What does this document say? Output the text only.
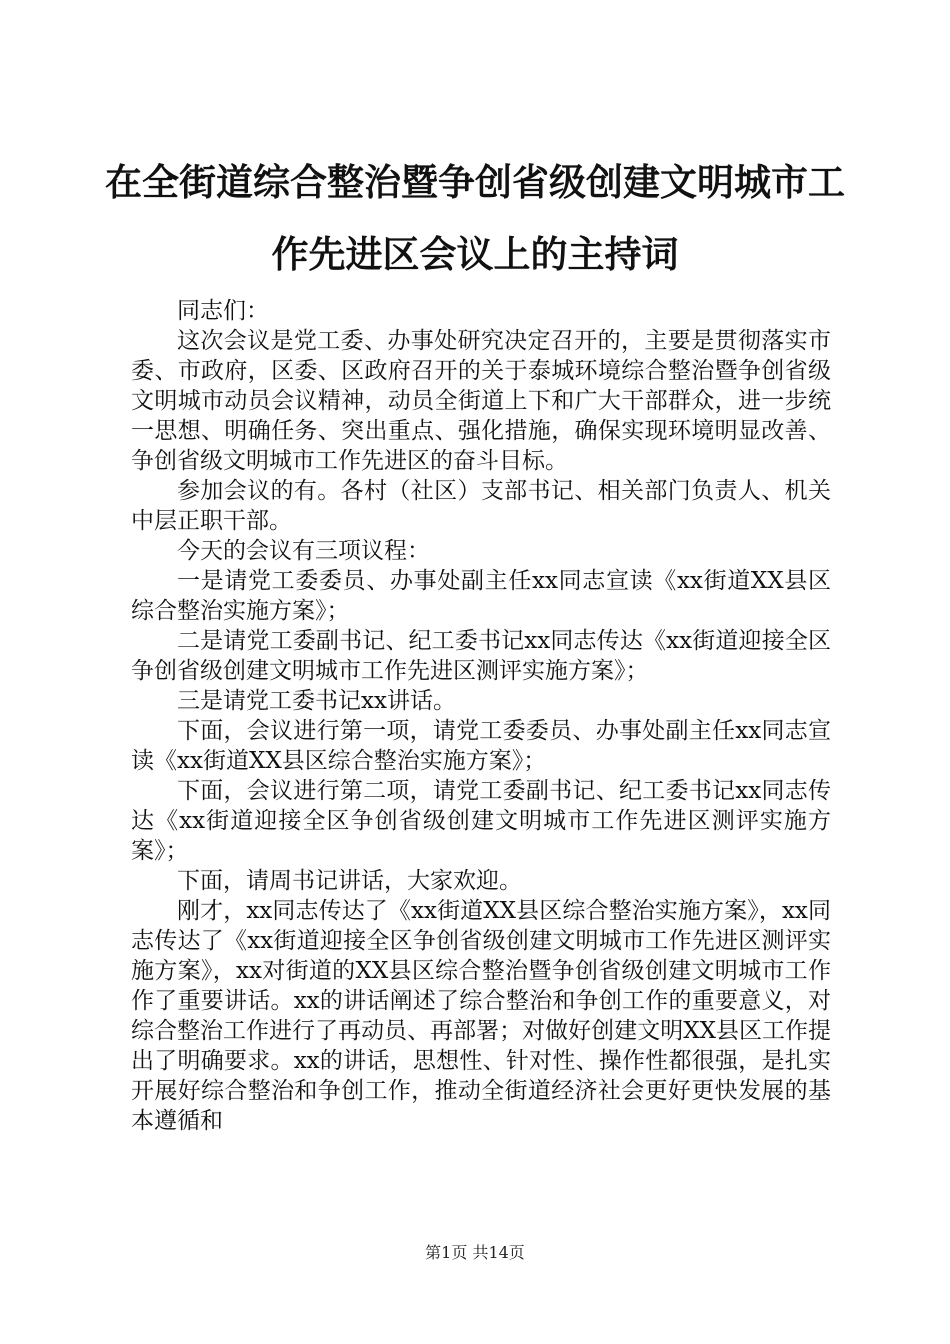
在全街道综合整治暨争创省级创建文明城市工
作先进区会议上的主持词

同志们：

这次会议是党工委、办事处研究决定召开的，主要是贯彻落实市委、市政府，区委、区政府召开的关于泰城环境综合整治暨争创省级文明城市动员会议精神，动员全街道上下和广大干部群众，进一步统一思想、明确任务、突出重点、强化措施，确保实现环境明显改善、争创省级文明城市工作先进区的奋斗目标。

参加会议的有。各村（社区）支部书记、相关部门负责人、机关中层正职干部。

今天的会议有三项议程：

一是请党工委委员、办事处副主任xx同志宣读《xx街道XX县区综合整治实施方案》；

二是请党工委副书记、纪工委书记xx同志传达《xx街道迎接全区争创省级创建文明城市工作先进区测评实施方案》；

三是请党工委书记xx讲话。

下面，会议进行第一项，请党工委委员、办事处副主任xx同志宣读《xx街道XX县区综合整治实施方案》；

下面，会议进行第二项，请党工委副书记、纪工委书记xx同志传达《xx街道迎接全区争创省级创建文明城市工作先进区测评实施方案》；

下面，请周书记讲话，大家欢迎。

刚才，xx同志传达了《xx街道XX县区综合整治实施方案》，xx同志传达了《xx街道迎接全区争创省级创建文明城市工作先进区测评实施方案》，xx对街道的XX县区综合整治暨争创省级创建文明城市工作作了重要讲话。xx的讲话阐述了综合整治和争创工作的重要意义，对综合整治工作进行了再动员、再部署；对做好创建文明XX县区工作提出了明确要求。xx的讲话，思想性、针对性、操作性都很强，是扎实开展好综合整治和争创工作，推动全街道经济社会更好更快发展的基本遵循和

第1页 共14页
